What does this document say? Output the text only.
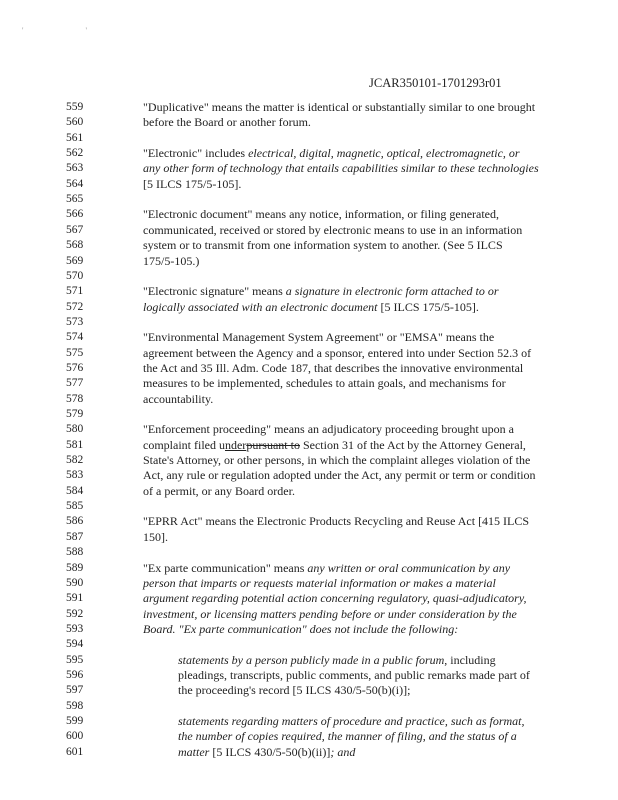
' '
JCAR350101-1701293r01
559	"Duplicative" means the matter is identical or substantially similar to one brought
560	before the Board or another forum.
561
562	"Electronic" includes electrical, digital, magnetic, optical, electromagnetic, or
563	any other form of technology that entails capabilities similar to these technologies
564	[5 ILCS 175/5-105].
565
566	"Electronic document" means any notice, information, or filing generated,
567	communicated, received or stored by electronic means to use in an information
568	system or to transmit from one information system to another. (See 5 ILCS
569	175/5-105.)
570
571	"Electronic signature" means a signature in electronic form attached to or
572	logically associated with an electronic document [5 ILCS 175/5-105].
573
574	"Environmental Management System Agreement" or "EMSA" means the
575	agreement between the Agency and a sponsor, entered into under Section 52.3 of
576	the Act and 35 Ill. Adm. Code 187, that describes the innovative environmental
577	measures to be implemented, schedules to attain goals, and mechanisms for
578	accountability.
579
580	"Enforcement proceeding" means an adjudicatory proceeding brought upon a
581	complaint filed underpursuant to Section 31 of the Act by the Attorney General,
582	State's Attorney, or other persons, in which the complaint alleges violation of the
583	Act, any rule or regulation adopted under the Act, any permit or term or condition
584	of a permit, or any Board order.
585
586	"EPRR Act" means the Electronic Products Recycling and Reuse Act [415 ILCS
587	150].
588
589	"Ex parte communication" means any written or oral communication by any
590	person that imparts or requests material information or makes a material
591	argument regarding potential action concerning regulatory, quasi-adjudicatory,
592	investment, or licensing matters pending before or under consideration by the
593	Board. "Ex parte communication" does not include the following:
594
595	statements by a person publicly made in a public forum, including
596	pleadings, transcripts, public comments, and public remarks made part of
597	the proceeding's record [5 ILCS 430/5-50(b)(i)];
598
599	statements regarding matters of procedure and practice, such as format,
600	the number of copies required, the manner of filing, and the status of a
601	matter [5 ILCS 430/5-50(b)(ii)]; and
